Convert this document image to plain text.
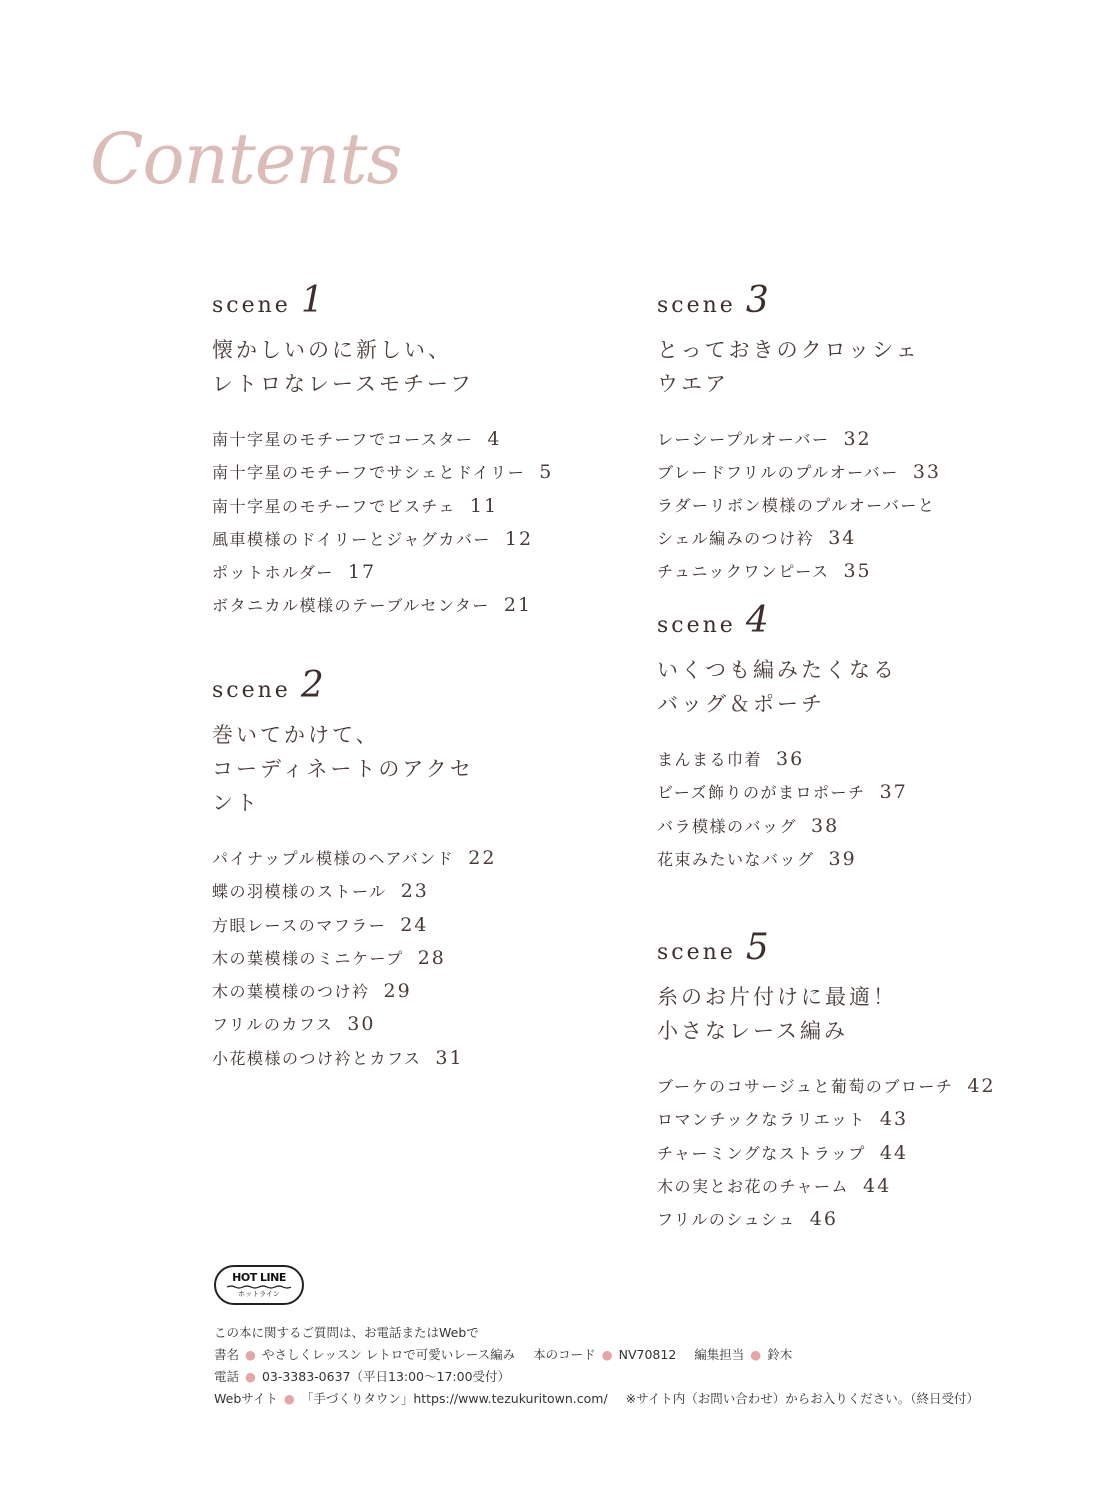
Contents
scene 1
懐かしいのに新しい、
レトロなレースモチーフ
南十字星のモチーフでコースター 4
南十字星のモチーフでサシェとドイリー 5
南十字星のモチーフでビスチェ 11
風車模様のドイリーとジャグカバー 12
ポットホルダー 17
ボタニカル模様のテーブルセンター 21
scene 2
巻いてかけて、
コーディネートのアクセント
パイナップル模様のヘアバンド 22
蝶の羽模様のストール 23
方眼レースのマフラー 24
木の葉模様のミニケープ 28
木の葉模様のつけ衿 29
フリルのカフス 30
小花模様のつけ衿とカフス 31
scene 3
とっておきのクロッシェウエア
レーシープルオーバー 32
ブレードフリルのプルオーバー 33
ラダーリボン模様のプルオーバーと
シェル編みのつけ衿 34
チュニックワンピース 35
scene 4
いくつも編みたくなる
バッグ＆ポーチ
まんまる巾着 36
ビーズ飾りのがまロポーチ 37
バラ模様のバッグ 38
花束みたいなバッグ 39
scene 5
糸のお片付けに最適！
小さなレース編み
ブーケのコサージュと葡萄のブローチ 42
ロマンチックなラリエット 43
チャーミングなストラップ 44
木の実とお花のチャーム 44
フリルのシュシュ 46
HOT LINE
ホットライン
この本に関するご質問は、お電話またはWebで
書名 ● やさしくレッスン レトロで可愛いレース編み 本のコード ● NV70812 編集担当 ● 鈴木
電話 ● 03-3383-0637（平日13:00〜17:00受付）
Webサイト ● 「手づくりタウン」https://www.tezukuritown.com/ ※サイト内（お問い合わせ）からお入りください。（終日受付）
